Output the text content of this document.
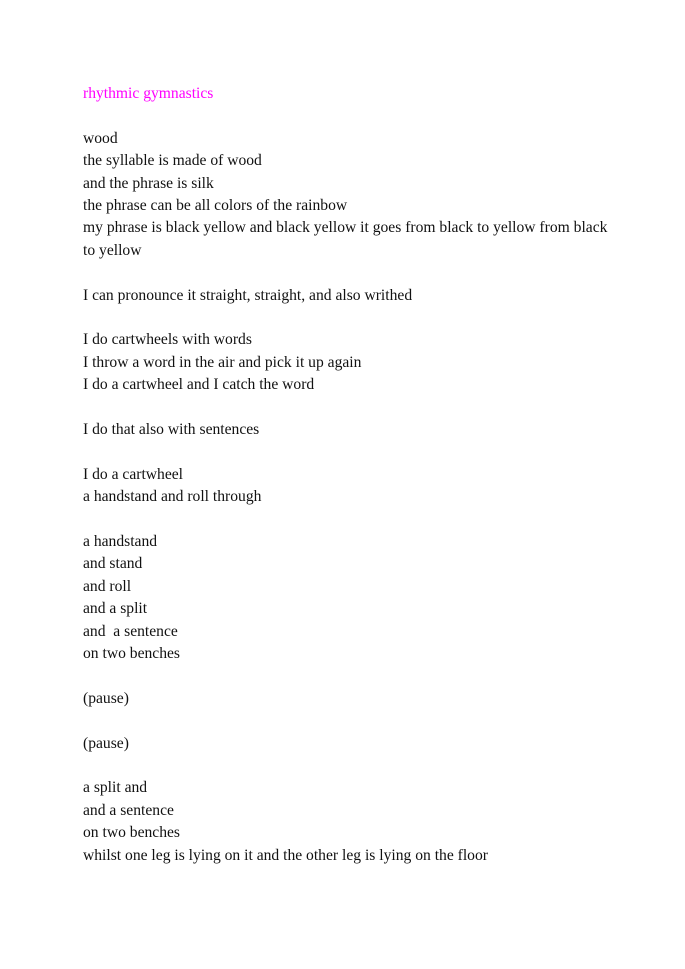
rhythmic gymnastics

wood

the syllable is made of wood

and the phrase is silk

the phrase can be all colors of the rainbow

my phrase is black yellow and black yellow it goes from black to yellow from black to yellow

I can pronounce it straight, straight, and also writhed

I do cartwheels with words

I throw a word in the air and pick it up again

I do a cartwheel and I catch the word

I do that also with sentences

I do a cartwheel

a handstand and roll through

a handstand

and stand

and roll

and a split

and  a sentence

on two benches

(pause)

(pause)

a split and

and a sentence

on two benches

whilst one leg is lying on it and the other leg is lying on the floor
